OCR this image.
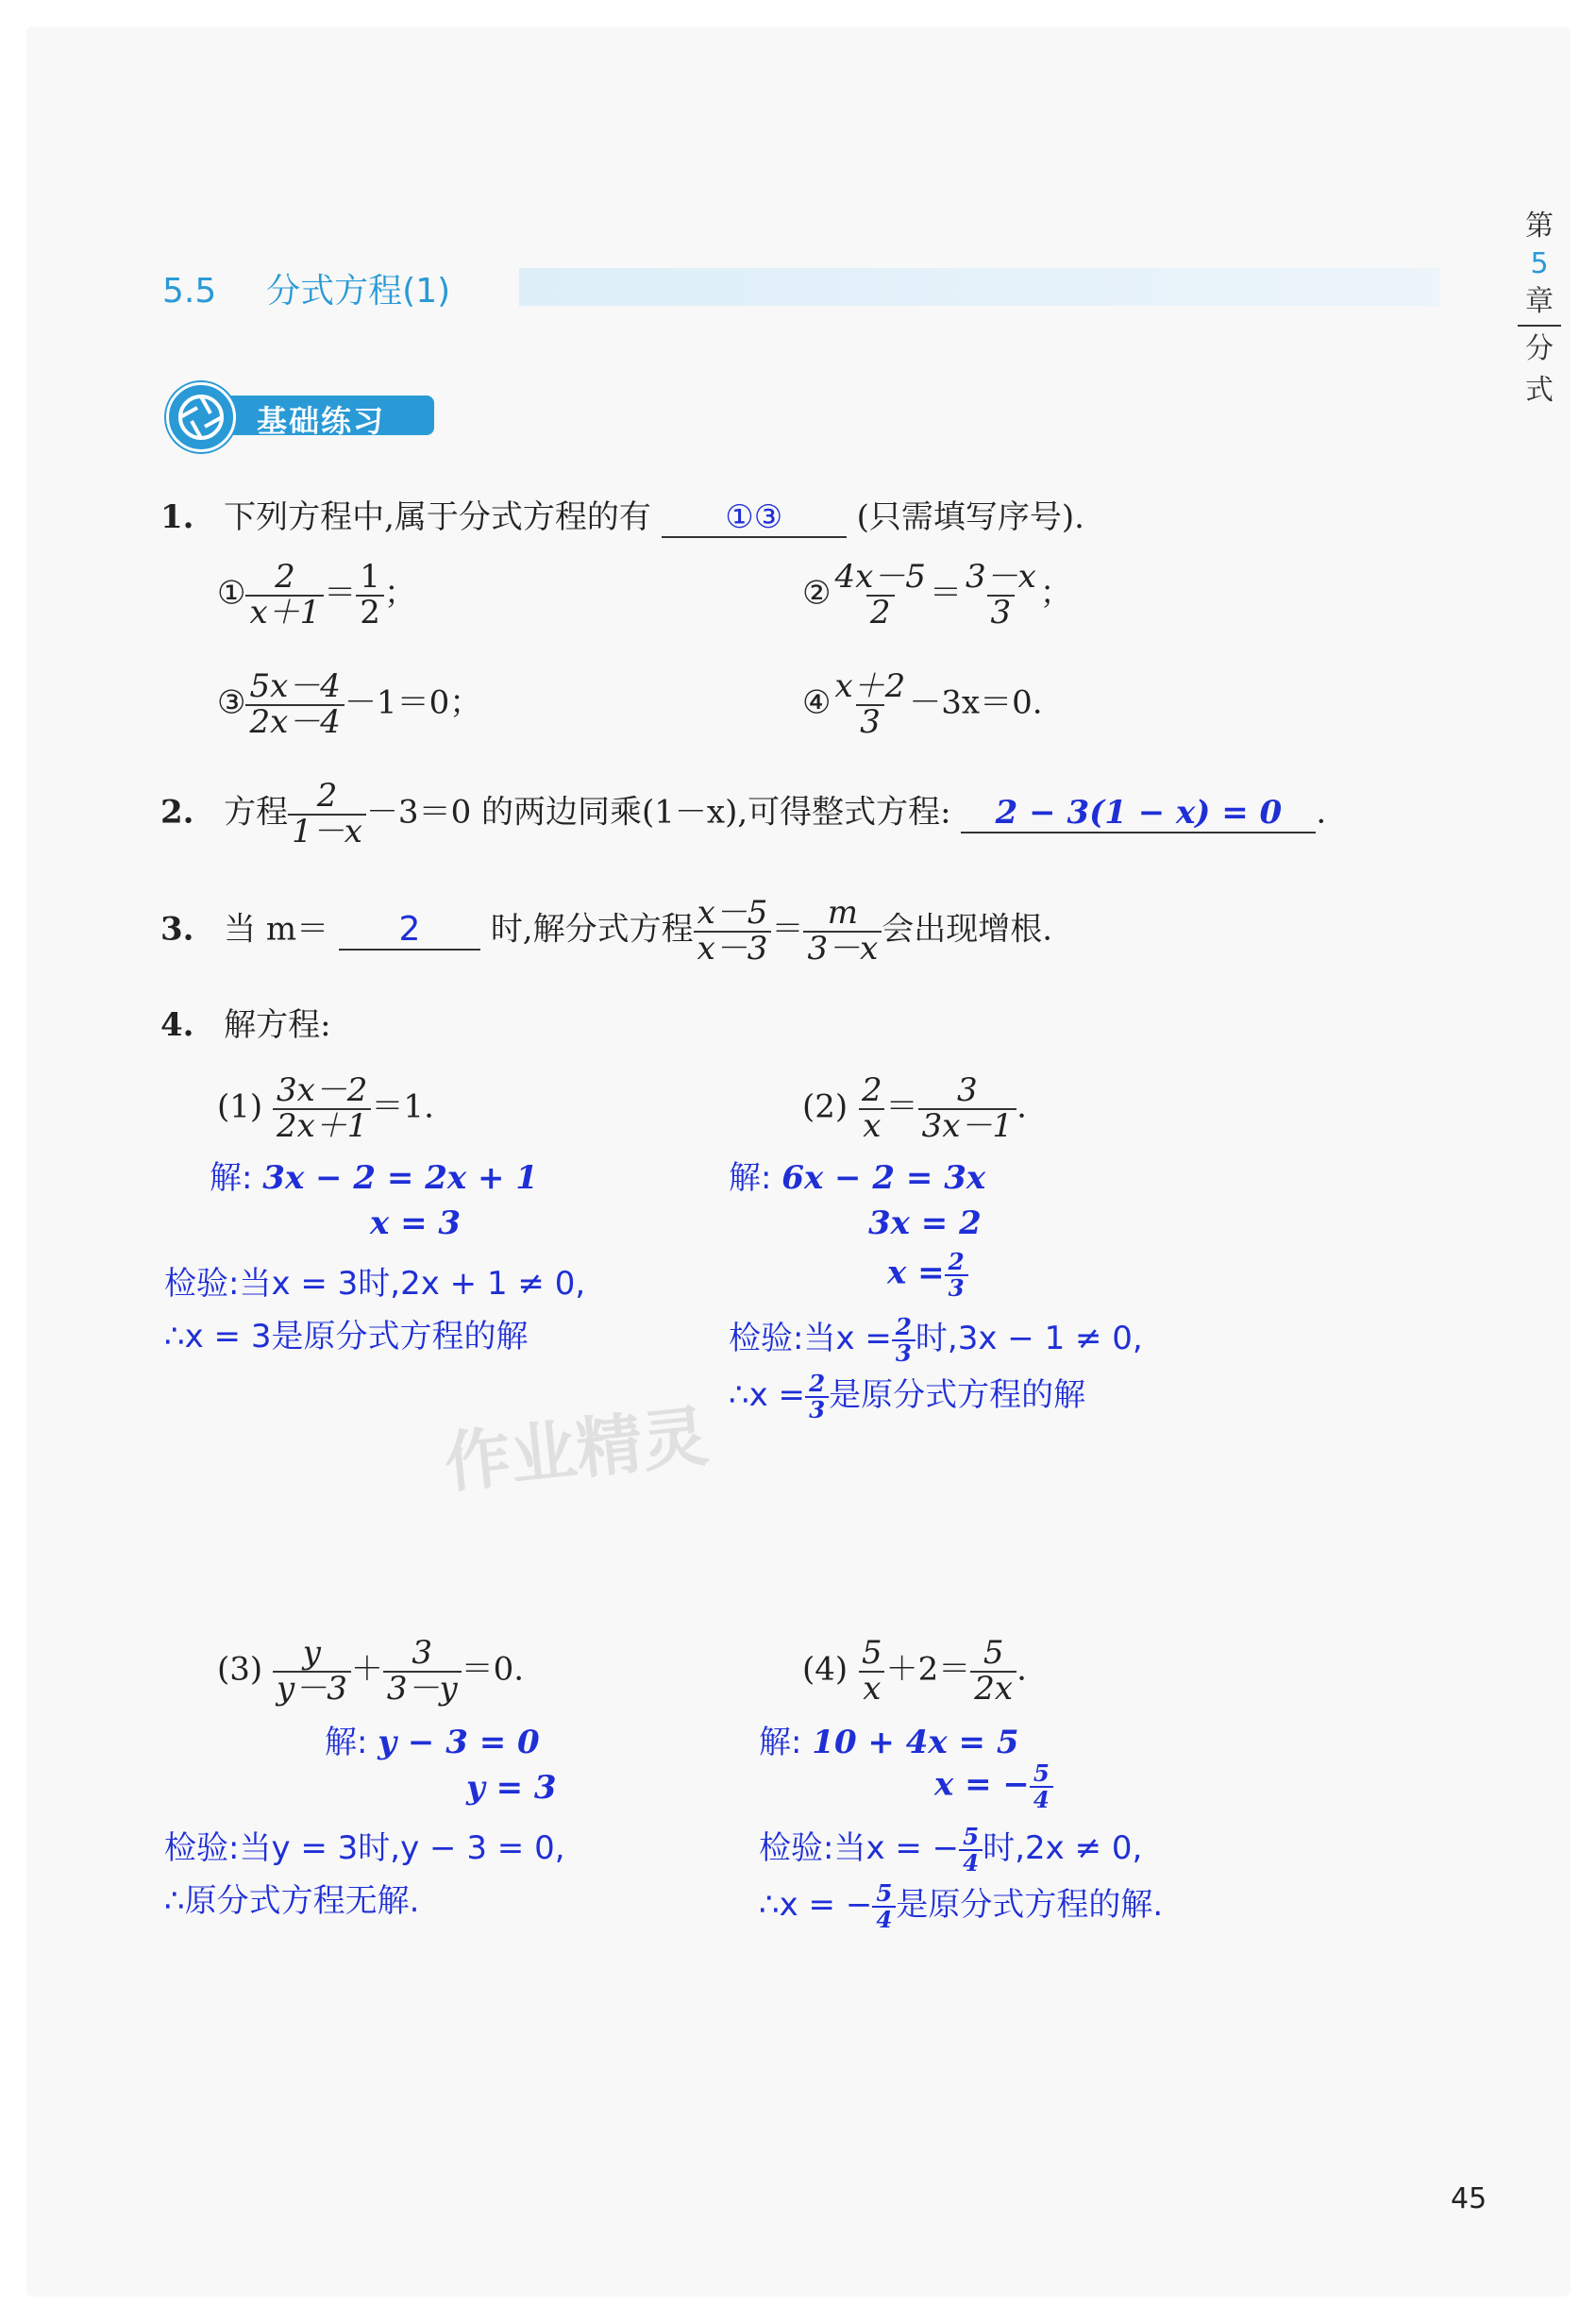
第
5
章
分
式
5.5 分式方程(1)
基础练习
1. 下列方程中,属于分式方程的有 ①③ (只需填写序号).
① $\frac{2}{x+1} = \frac{1}{2}$ ；	② $\frac{4x-5}{2} = \frac{3-x}{3}$ ；
③ $\frac{5x-4}{2x-4} -1=0$；	④ $\frac{x+2}{3} -3x=0$.
2. 方程 $\frac{2}{1-x} -3=0$ 的两边同乘(1－x),可得整式方程: 2 − 3(1 − x) = 0 .
3. 当 m＝ 2 时,解分式方程 $\frac{x-5}{x-3} = \frac{m}{3-x}$ 会出现增根.
4. 解方程:
$(1) \frac{3x-2}{2x+1} =1$.
解: 3x − 2 = 2x + 1
x = 3
检验:当x = 3时,2x + 1 ≠ 0,
∴x = 3是原分式方程的解
$(2) \frac{2}{x} = \frac{3}{3x-1}$ .
解: 6x − 2 = 3x
3x = 2
$x = \frac{2}{3}$
检验:当$x = \frac{2}{3}$ 时,3x − 1 ≠ 0,
∴x = $\frac{2}{3}$ 是原分式方程的解
作业精灵
$(3) \frac{y}{y-3} + \frac{3}{3-y} =0$.
解: y − 3 = 0
y = 3
检验:当y = 3时,y − 3 = 0,
∴原分式方程无解.
$(4) \frac{5}{x} +2= \frac{5}{2x}$ .
解: 10 + 4x = 5
x = − $\frac{5}{4}$
检验:当x = − $\frac{5}{4}$ 时,2x ≠ 0,
∴x = − $\frac{5}{4}$ 是原分式方程的解.
45
